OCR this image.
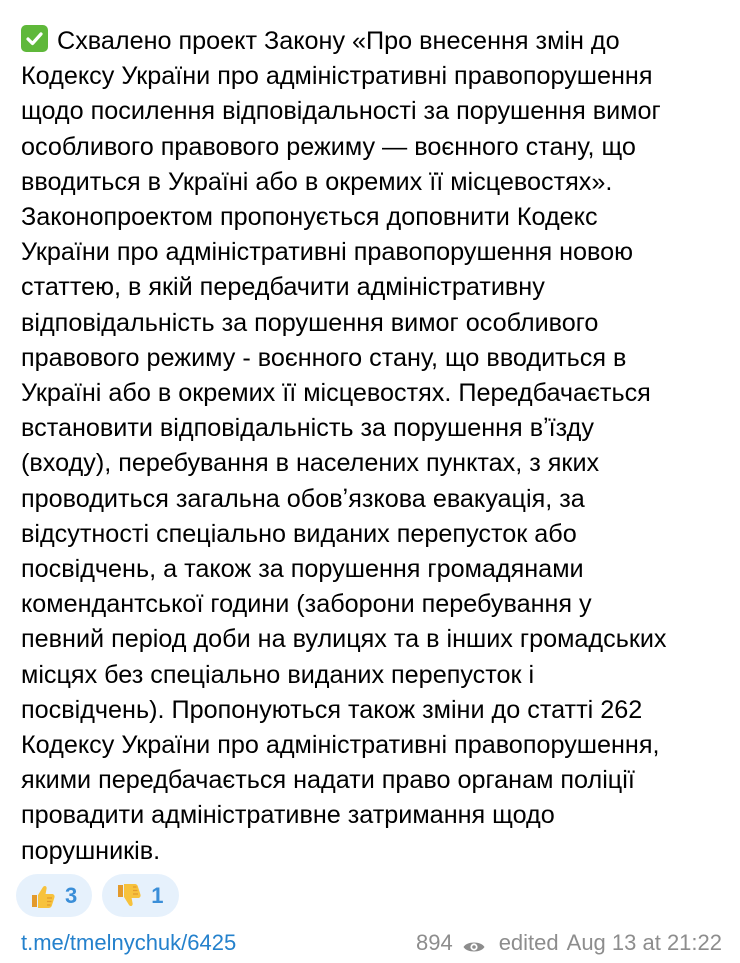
Схвалено проект Закону «Про внесення змін до
Кодексу України про адміністративні правопорушення
щодо посилення відповідальності за порушення вимог
особливого правового режиму — воєнного стану, що
вводиться в Україні або в окремих її місцевостях».
Законопроектом пропонується доповнити Кодекс
України про адміністративні правопорушення новою
статтею, в якій передбачити адміністративну
відповідальність за порушення вимог особливого
правового режиму - воєнного стану, що вводиться в
Україні або в окремих її місцевостях. Передбачається
встановити відповідальність за порушення вʼїзду
(входу), перебування в населених пунктах, з яких
проводиться загальна обовʼязкова евакуація, за
відсутності спеціально виданих перепусток або
посвідчень, а також за порушення громадянами
комендантської години (заборони перебування у
певний період доби на вулицях та в інших громадських
місцях без спеціально виданих перепусток і
посвідчень). Пропонуються також зміни до статті 262
Кодексу України про адміністративні правопорушення,
якими передбачається надати право органам поліції
провадити адміністративне затримання щодо
порушників.
3	1
t.me/tmelnychuk/6425	894 edited Aug 13 at 21:22
